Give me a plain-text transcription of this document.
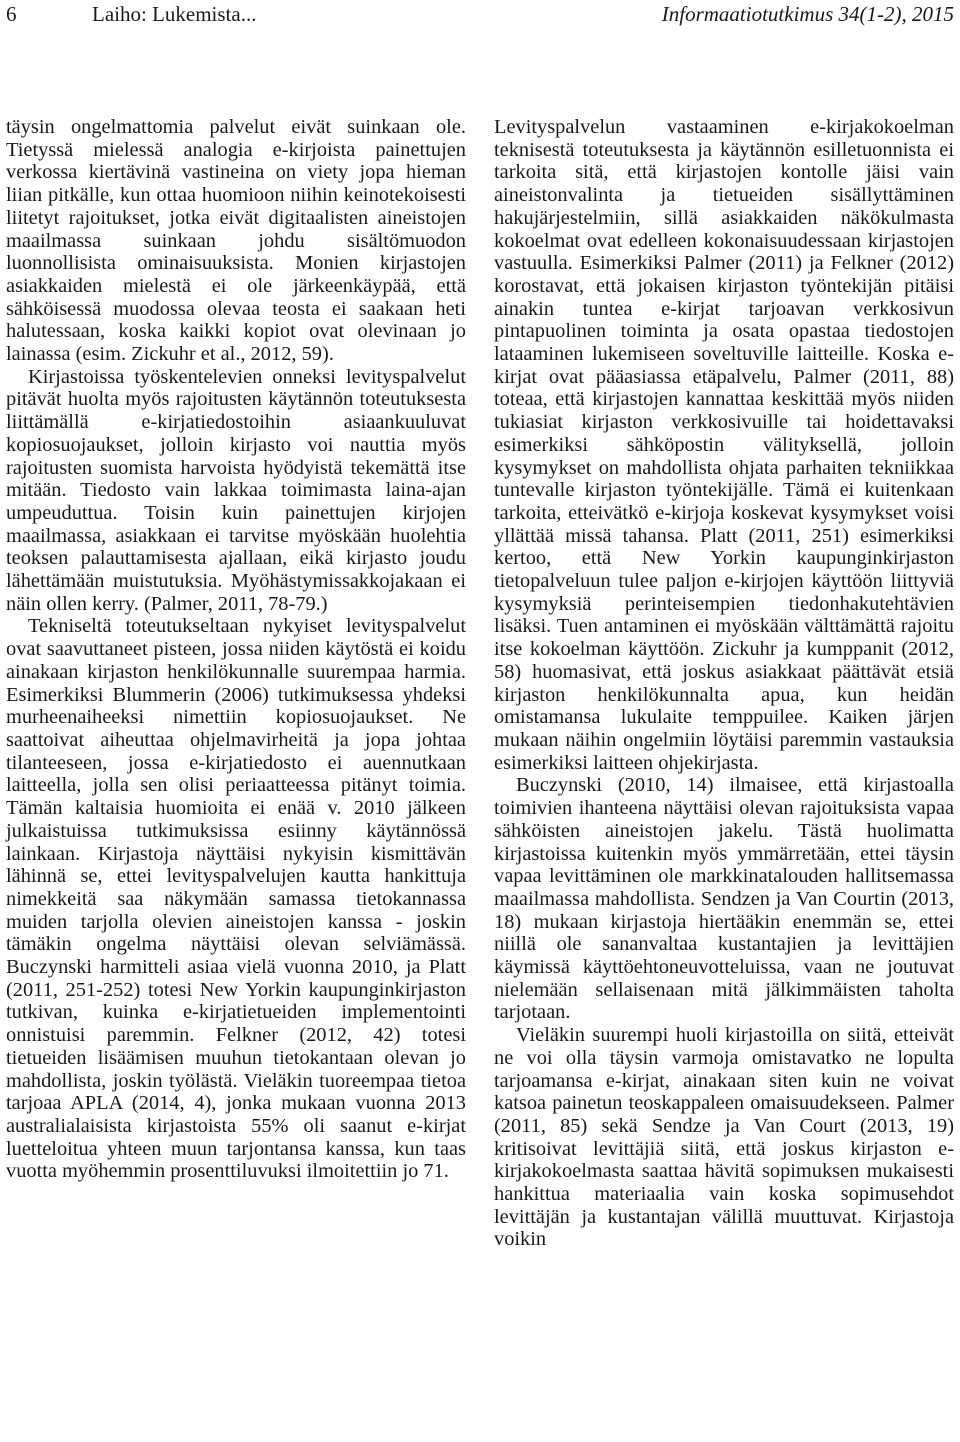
6	Laiho: Lukemista...	Informaatiotutkimus 34(1-2), 2015

täysin ongelmattomia palvelut eivät suinkaan ole. Tietyssä mielessä analogia e-kirjoista painettujen verkossa kiertävinä vastineina on viety jopa hieman liian pitkälle, kun ottaa huomioon niihin keinotekoisesti liitetyt rajoitukset, jotka eivät digitaalisten aineistojen maailmassa suinkaan johdu sisältömuodon luonnollisista ominaisuuksista. Monien kirjastojen asiakkaiden mielestä ei ole järkeenkäypää, että sähköisessä muodossa olevaa teosta ei saakaan heti halutessaan, koska kaikki kopiot ovat olevinaan jo lainassa (esim. Zickuhr et al., 2012, 59).

Kirjastoissa työskentelevien onneksi levityspalvelut pitävät huolta myös rajoitusten käytännön toteutuksesta liittämällä e-kirjatiedostoihin asiaankuuluvat kopiosuojaukset, jolloin kirjasto voi nauttia myös rajoitusten suomista harvoista hyödyistä tekemättä itse mitään. Tiedosto vain lakkaa toimimasta laina-ajan umpeuduttua. Toisin kuin painettujen kirjojen maailmassa, asiakkaan ei tarvitse myöskään huolehtia teoksen palauttamisesta ajallaan, eikä kirjasto joudu lähettämään muistutuksia. Myöhästymissakkojakaan ei näin ollen kerry. (Palmer, 2011, 78-79.)

Tekniseltä toteutukseltaan nykyiset levityspalvelut ovat saavuttaneet pisteen, jossa niiden käytöstä ei koidu ainakaan kirjaston henkilökunnalle suurempaa harmia. Esimerkiksi Blummerin (2006) tutkimuksessa yhdeksi murheenaiheeksi nimettiin kopiosuojaukset. Ne saattoivat aiheuttaa ohjelmavirheitä ja jopa johtaa tilanteeseen, jossa e-kirjatiedosto ei auennutkaan laitteella, jolla sen olisi periaatteessa pitänyt toimia. Tämän kaltaisia huomioita ei enää v. 2010 jälkeen julkaistuissa tutkimuksissa esiinny käytännössä lainkaan. Kirjastoja näyttäisi nykyisin kismittävän lähinnä se, ettei levityspalvelujen kautta hankittuja nimekkeitä saa näkymään samassa tietokannassa muiden tarjolla olevien aineistojen kanssa - joskin tämäkin ongelma näyttäisi olevan selviämässä. Buczynski harmitteli asiaa vielä vuonna 2010, ja Platt (2011, 251-252) totesi New Yorkin kaupunginkirjaston tutkivan, kuinka e-kirjatietueiden implementointi onnistuisi paremmin. Felkner (2012, 42) totesi tietueiden lisäämisen muuhun tietokantaan olevan jo mahdollista, joskin työlästä. Vieläkin tuoreempaa tietoa tarjoaa APLA (2014, 4), jonka mukaan vuonna 2013 australialaisista kirjastoista 55% oli saanut e-kirjat luetteloitua yhteen muun tarjontansa kanssa, kun taas vuotta myöhemmin prosenttiluvuksi ilmoitettiin jo 71.

Levityspalvelun vastaaminen e-kirjakokoelman teknisestä toteutuksesta ja käytännön esilletuonnista ei tarkoita sitä, että kirjastojen kontolle jäisi vain aineistonvalinta ja tietueiden sisällyttäminen hakujärjestelmiin, sillä asiakkaiden näkökulmasta kokoelmat ovat edelleen kokonaisuudessaan kirjastojen vastuulla. Esimerkiksi Palmer (2011) ja Felkner (2012) korostavat, että jokaisen kirjaston työntekijän pitäisi ainakin tuntea e-kirjat tarjoavan verkkosivun pintapuolinen toiminta ja osata opastaa tiedostojen lataaminen lukemiseen soveltuville laitteille. Koska e-kirjat ovat pääasiassa etäpalvelu, Palmer (2011, 88) toteaa, että kirjastojen kannattaa keskittää myös niiden tukiasiat kirjaston verkkosivuille tai hoidettavaksi esimerkiksi sähköpostin välityksellä, jolloin kysymykset on mahdollista ohjata parhaiten tekniikkaa tuntevalle kirjaston työntekijälle. Tämä ei kuitenkaan tarkoita, etteivätkö e-kirjoja koskevat kysymykset voisi yllättää missä tahansa. Platt (2011, 251) esimerkiksi kertoo, että New Yorkin kaupunginkirjaston tietopalveluun tulee paljon e-kirjojen käyttöön liittyviä kysymyksiä perinteisempien tiedonhakutehtävien lisäksi. Tuen antaminen ei myöskään välttämättä rajoitu itse kokoelman käyttöön. Zickuhr ja kumppanit (2012, 58) huomasivat, että joskus asiakkaat päättävät etsiä kirjaston henkilökunnalta apua, kun heidän omistamansa lukulaite temppuilee. Kaiken järjen mukaan näihin ongelmiin löytäisi paremmin vastauksia esimerkiksi laitteen ohjekirjasta.

Buczynski (2010, 14) ilmaisee, että kirjastoalla toimivien ihanteena näyttäisi olevan rajoituksista vapaa sähköisten aineistojen jakelu. Tästä huolimatta kirjastoissa kuitenkin myös ymmärretään, ettei täysin vapaa levittäminen ole markkinatalouden hallitsemassa maailmassa mahdollista. Sendzen ja Van Courtin (2013, 18) mukaan kirjastoja hiertääkin enemmän se, ettei niillä ole sananvaltaa kustantajien ja levittäjien käymissä käyttöehtoneuvotteluissa, vaan ne joutuvat nielemään sellaisenaan mitä jälkimmäisten taholta tarjotaan.

Vieläkin suurempi huoli kirjastoilla on siitä, etteivät ne voi olla täysin varmoja omistavatko ne lopulta tarjoamansa e-kirjat, ainakaan siten kuin ne voivat katsoa painetun teoskappaleen omaisuudekseen. Palmer (2011, 85) sekä Sendze ja Van Court (2013, 19) kritisoivat levittäjiä siitä, että joskus kirjaston e-kirjakokoelmasta saattaa hävitä sopimuksen mukaisesti hankittua materiaalia vain koska sopimusehdot levittäjän ja kustantajan välillä muuttuvat. Kirjastoja voikin
